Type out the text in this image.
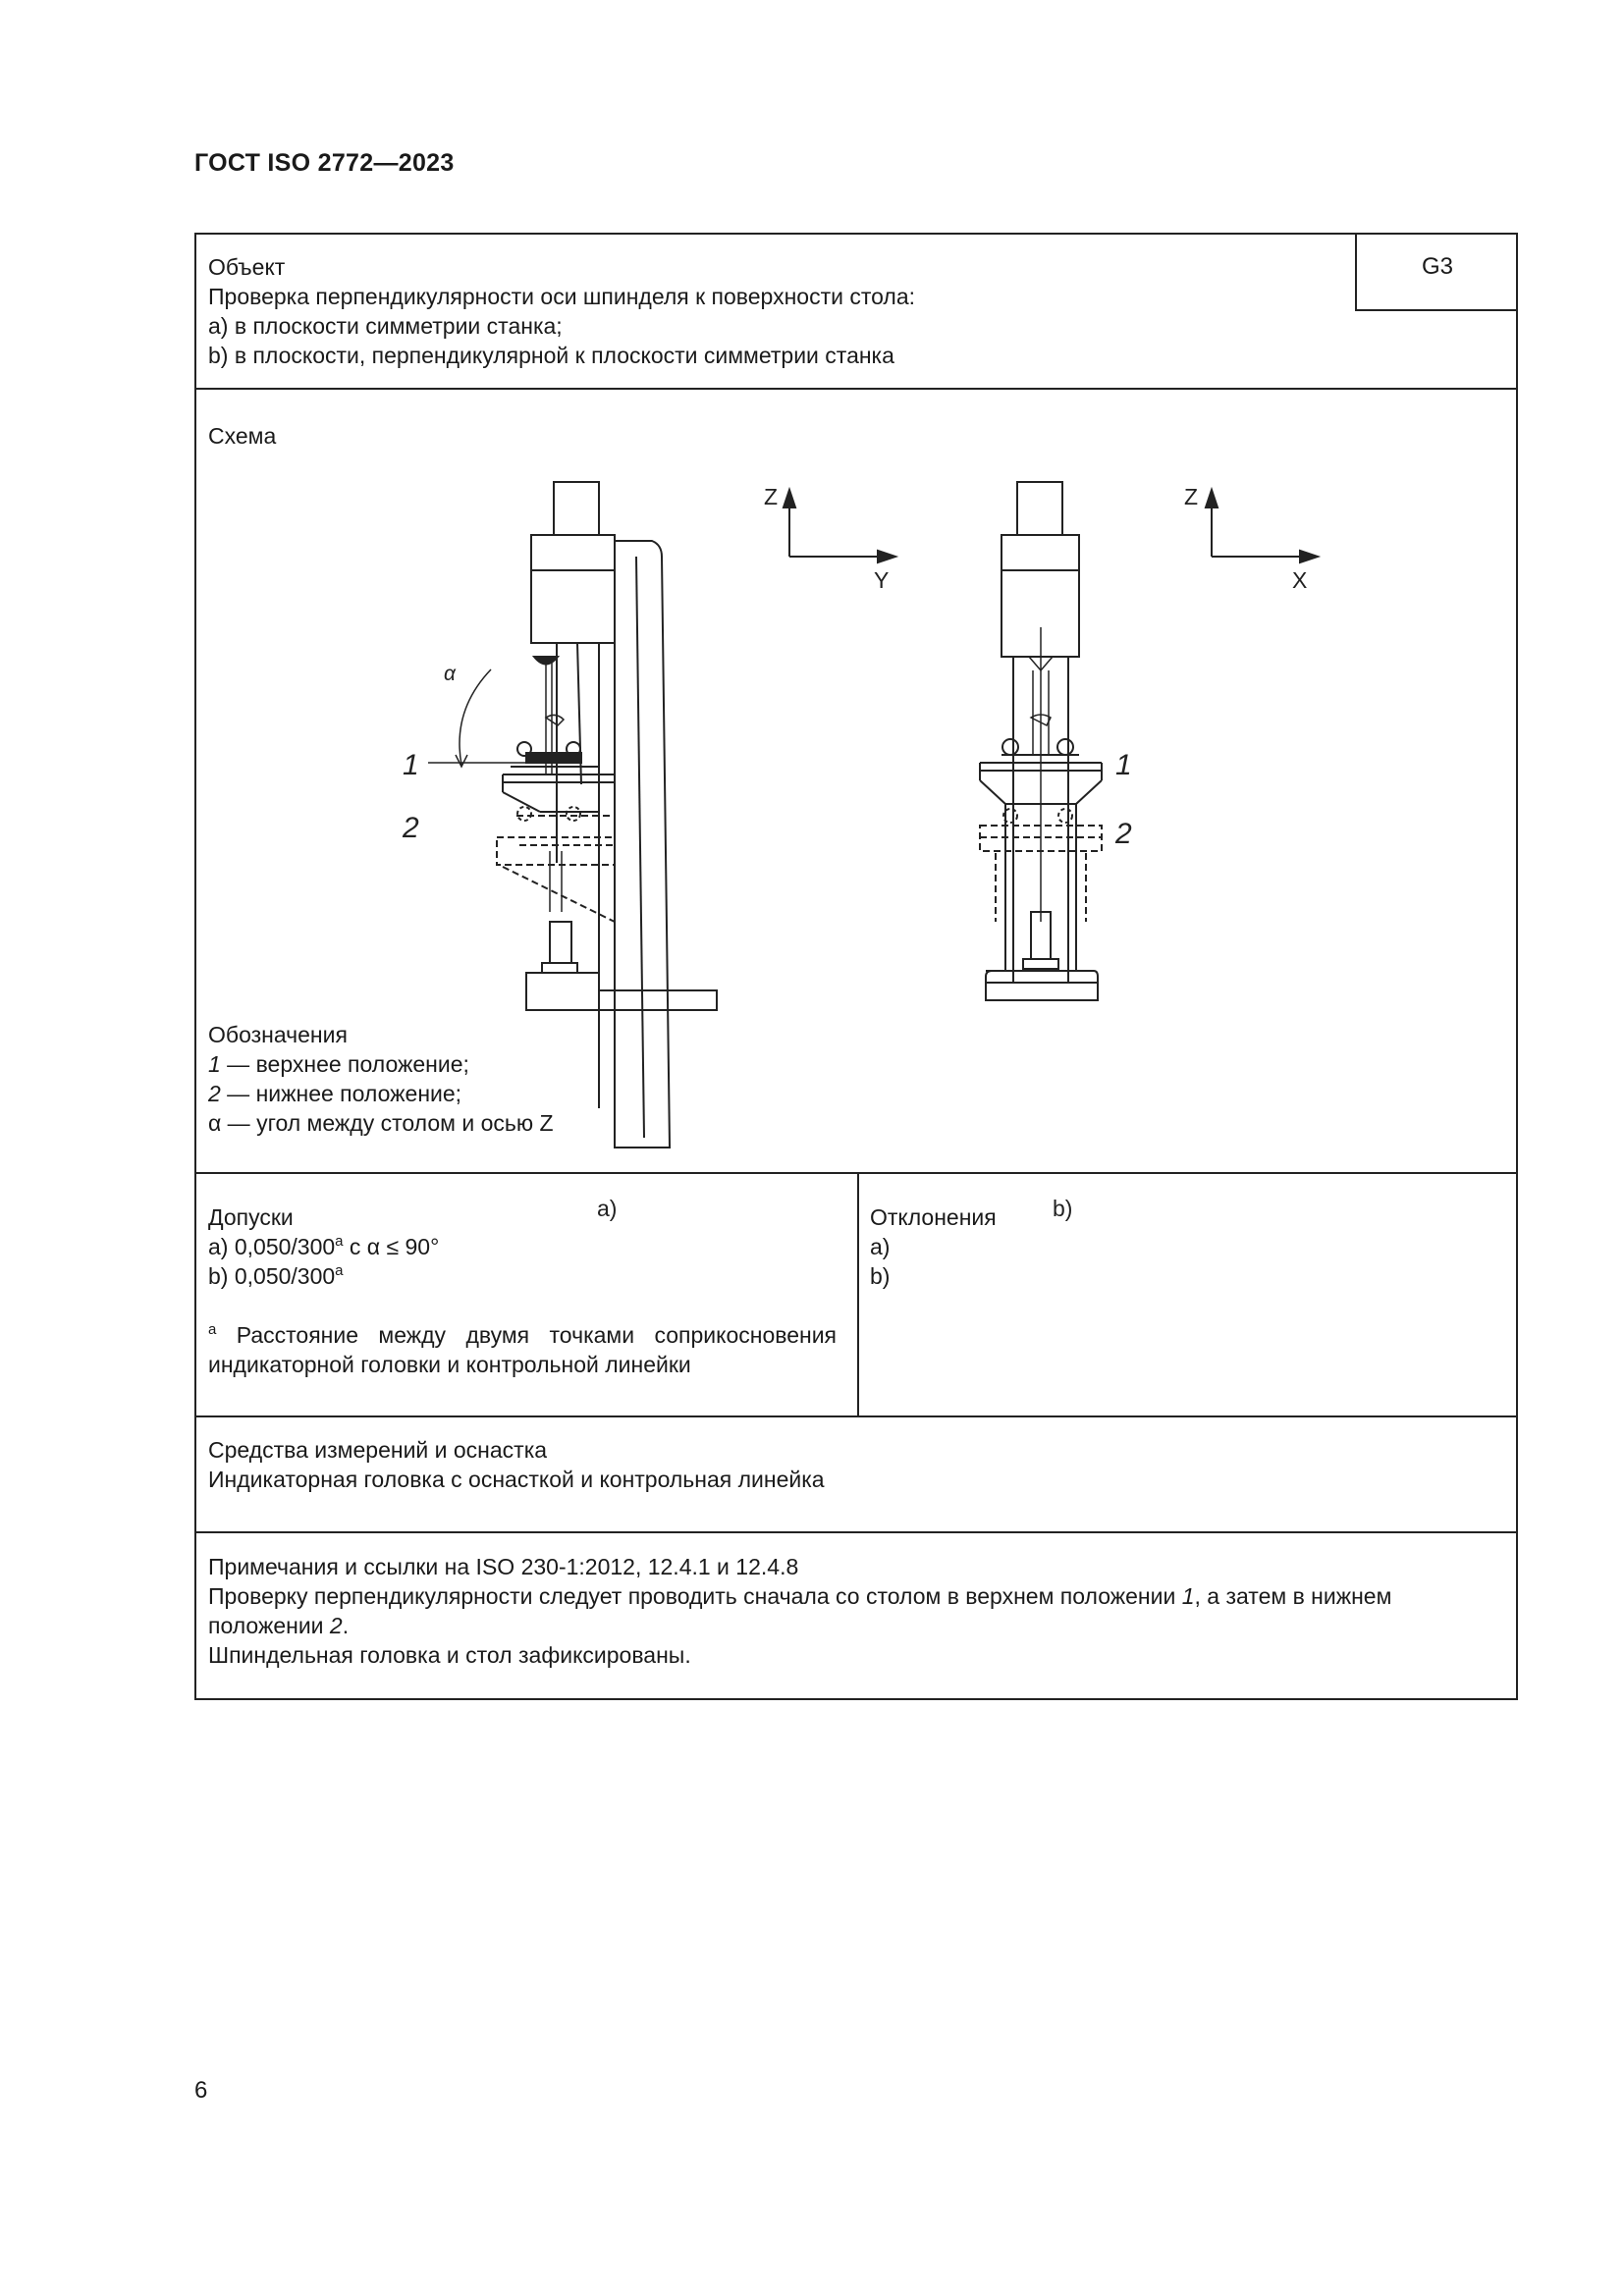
ГОСТ ISO 2772—2023
Объект
Проверка перпендикулярности оси шпинделя к поверхности стола:
a) в плоскости симметрии станка;
b) в плоскости, перпендикулярной к плоскости симметрии станка
G3
Схема
α
1
2
a)
Z
Y
1
2
b)
Z
X
Обозначения
1 — верхнее положение;
2 — нижнее положение;
α — угол между столом и осью Z
Допуски
a) 0,050/300$^a$ с α ≤ 90°
b) 0,050/300$^a$
$^a$ Расстояние между двумя точками соприкосновения
индикаторной головки и контрольной линейки
Отклонения
a)
b)
Средства измерений и оснастка
Индикаторная головка с оснасткой и контрольная линейка
Примечания и ссылки на ISO 230-1:2012, 12.4.1 и 12.4.8
Проверку перпендикулярности следует проводить сначала со столом в верхнем положении 1, а затем в нижнем
положении 2.
Шпиндельная головка и стол зафиксированы.
6
